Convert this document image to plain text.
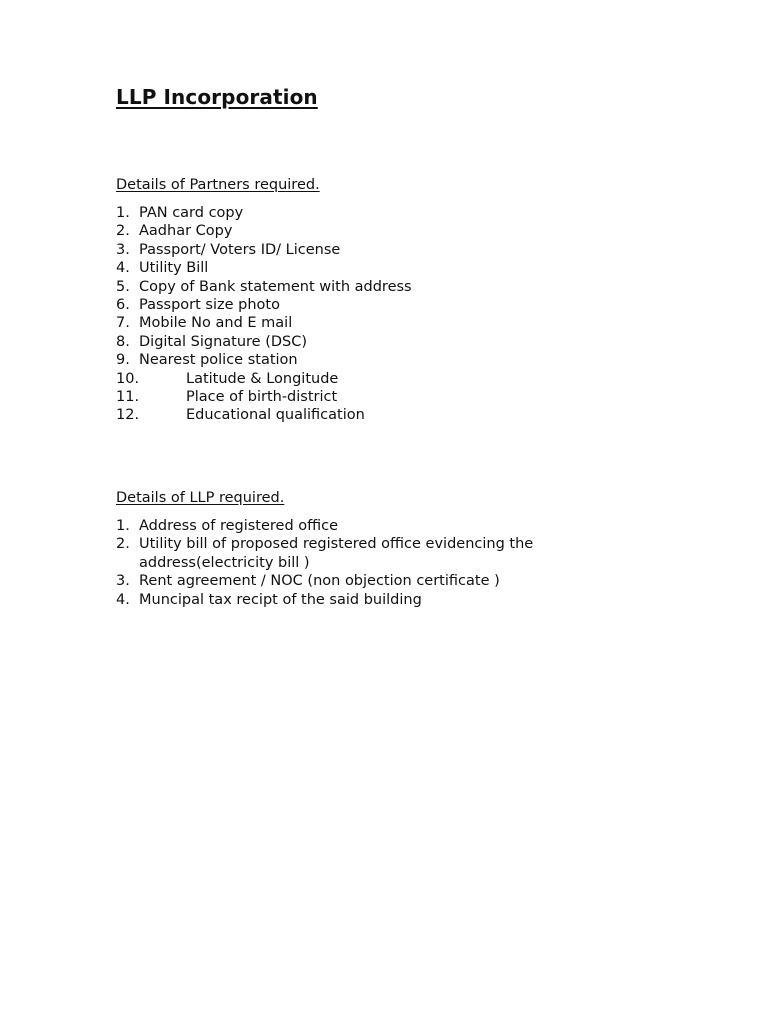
LLP Incorporation

Details of Partners required.

1. PAN card copy
2. Aadhar Copy
3. Passport/ Voters ID/ License
4. Utility Bill
5. Copy of Bank statement with address
6. Passport size photo
7. Mobile No and E mail
8. Digital Signature (DSC)
9. Nearest police station
10.	Latitude & Longitude
11.	Place of birth-district
12.	Educational qualification

Details of LLP required.

1. Address of registered office
2. Utility bill of proposed registered office evidencing the address(electricity bill )
3. Rent agreement / NOC (non objection certificate )
4. Muncipal tax recipt of the said building
